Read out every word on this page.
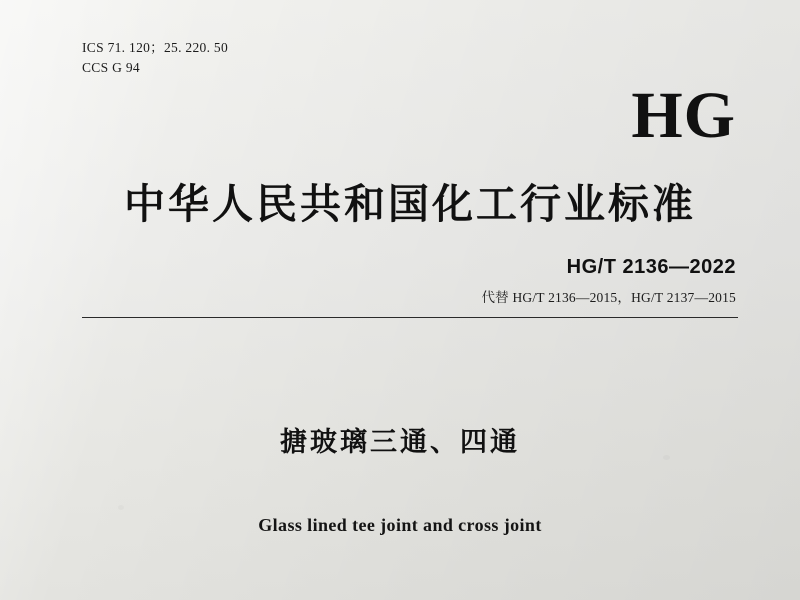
ICS 71. 120；25. 220. 50
CCS G 94
HG
中华人民共和国化工行业标准
HG/T 2136—2022
代替 HG/T 2136—2015，HG/T 2137—2015
搪玻璃三通、四通
Glass lined tee joint and cross joint
